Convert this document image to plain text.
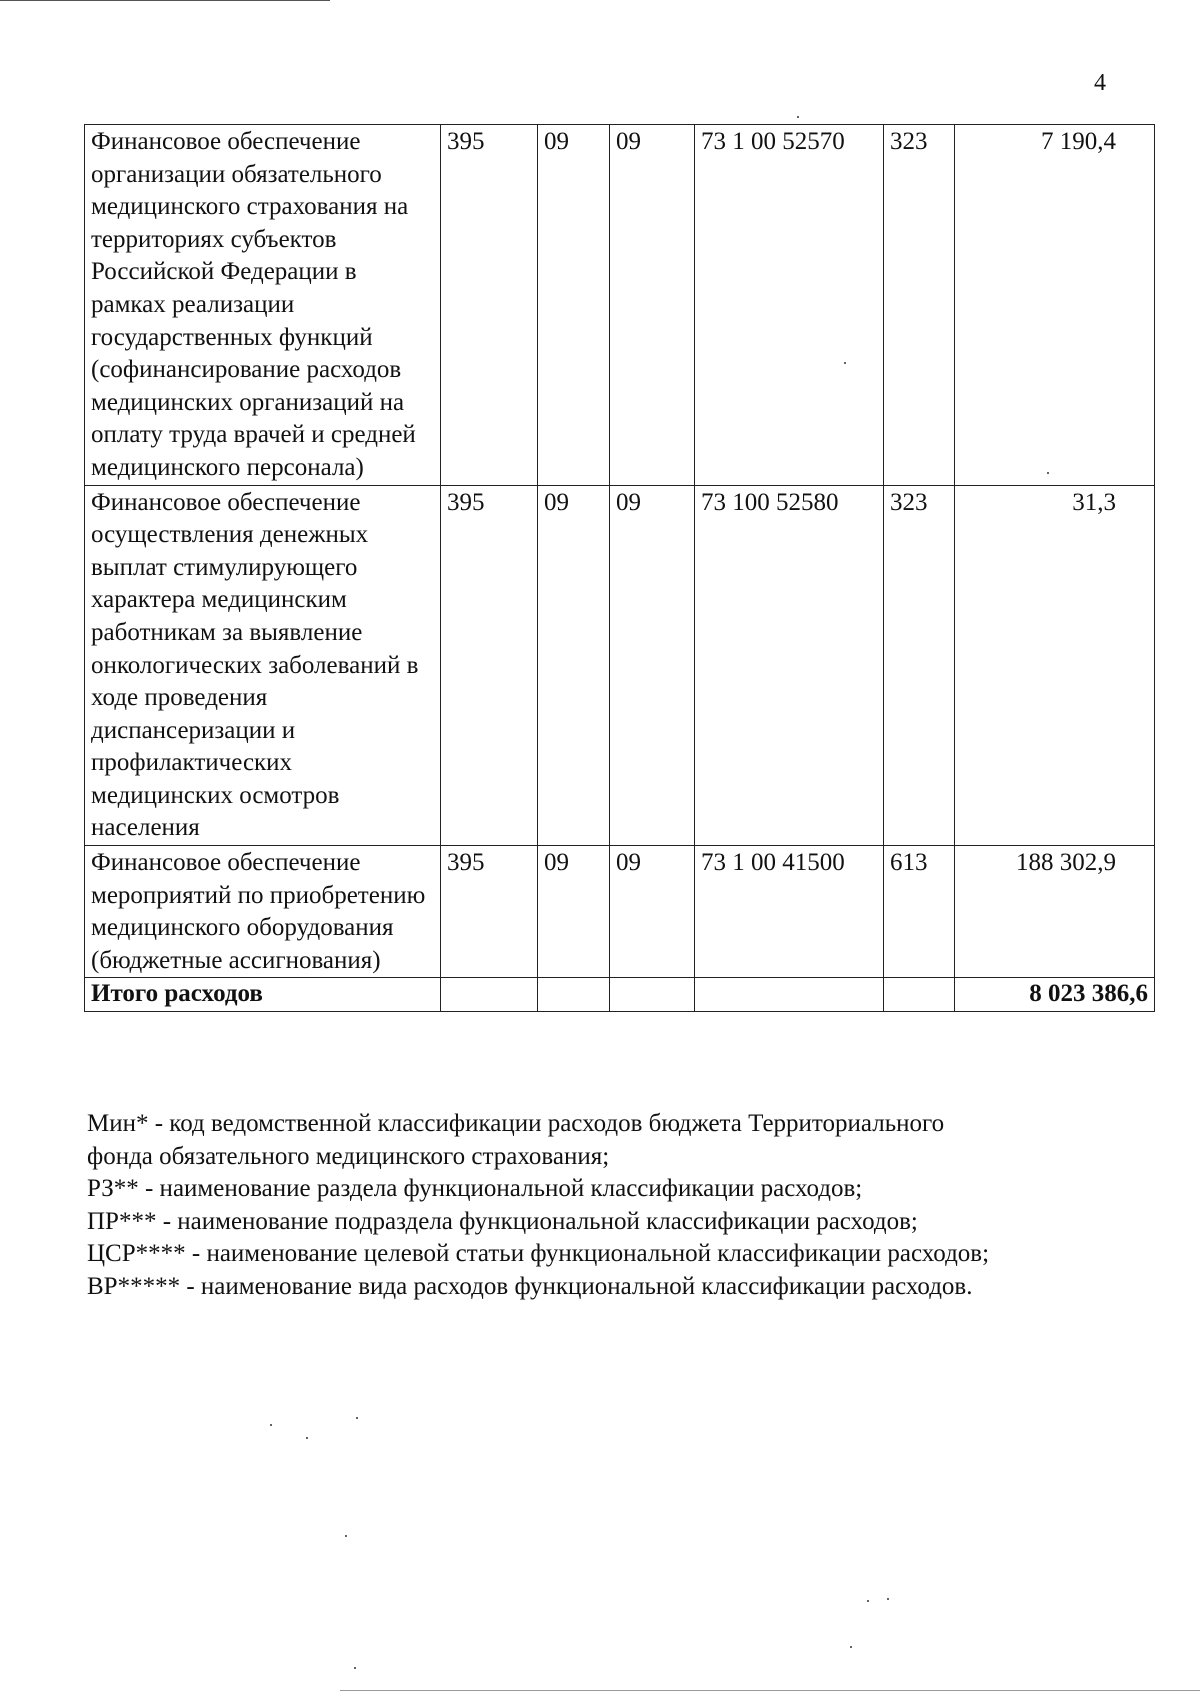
4
Финансовое обеспечение организации обязательного медицинского страхования на территориях субъектов Российской Федерации в рамках реализации государственных функций (софинансирование расходов медицинских организаций на оплату труда врачей и средней медицинского персонала)	395	09	09	73 1 00 52570	323	7 190,4
Финансовое обеспечение осуществления денежных выплат стимулирующего характера медицинским работникам за выявление онкологических заболеваний в ходе проведения диспансеризации и профилактических медицинских осмотров населения	395	09	09	73 100 52580	323	31,3
Финансовое обеспечение мероприятий по приобретению медицинского оборудования (бюджетные ассигнования)	395	09	09	73 1 00 41500	613	188 302,9
Итого расходов						8 023 386,6

Мин* - код ведомственной классификации расходов бюджета Территориального

фонда обязательного медицинского страхования;

РЗ** - наименование раздела функциональной классификации расходов;

ПР*** - наименование подраздела функциональной классификации расходов;

ЦСР**** - наименование целевой статьи функциональной классификации расходов;

ВР***** - наименование вида расходов функциональной классификации расходов.
